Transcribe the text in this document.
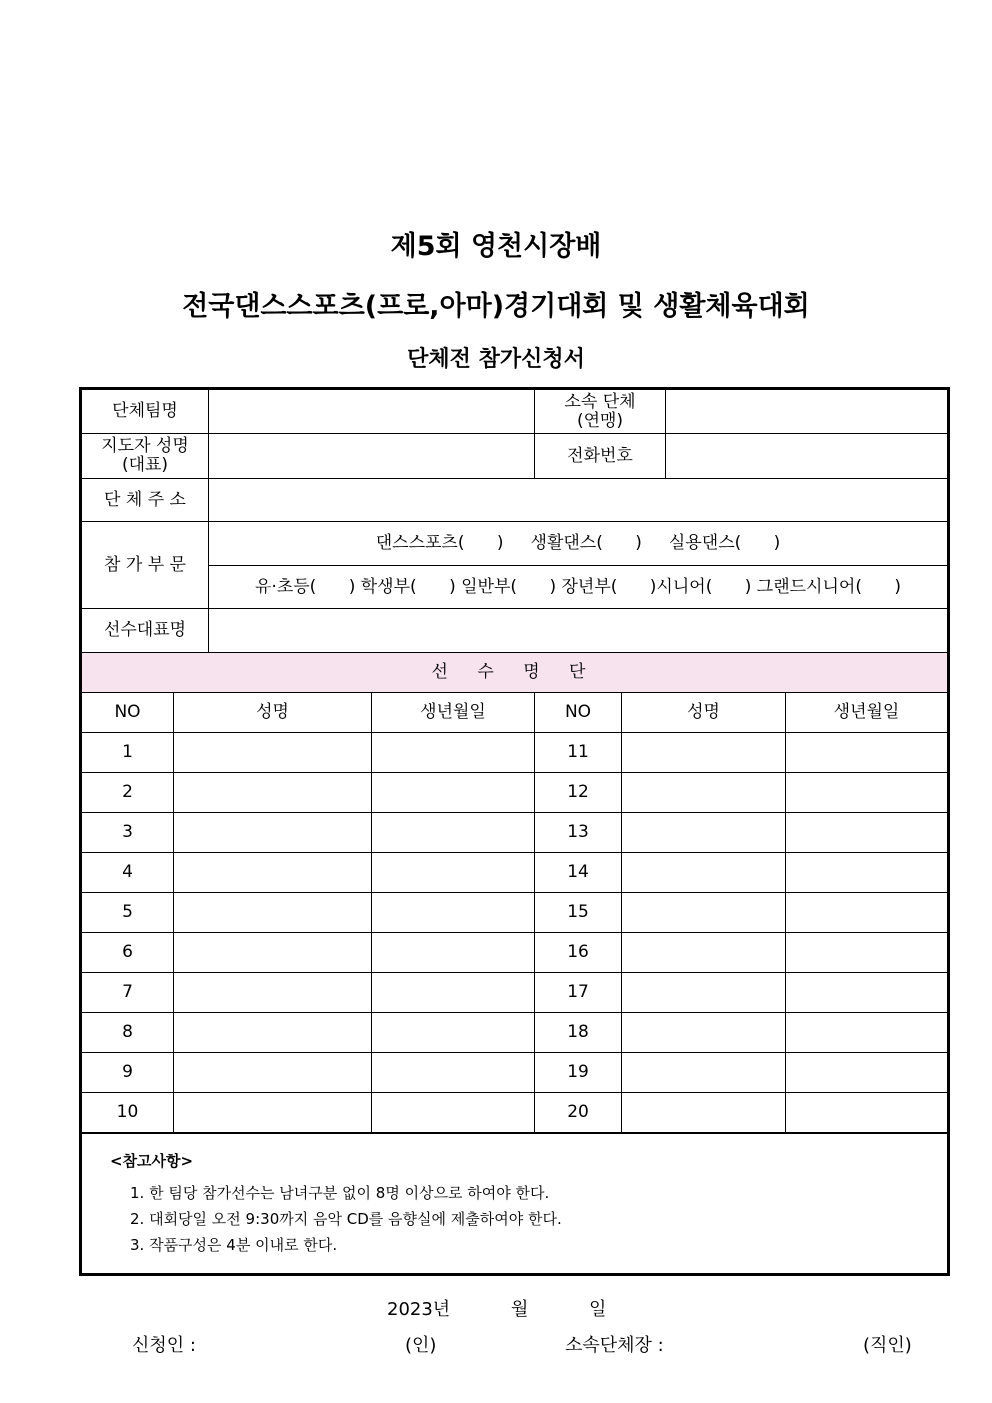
제5회 영천시장배
전국댄스스포츠(프로,아마)경기대회 및 생활체육대회
단체전 참가신청서
단체팀명				소속 단체
(연맹)			

지도자 성명
(대표)				전화번호			
단 체 주 소							
참 가 부 문		댄스스포츠(      )     생활댄스(      )     실용댄스(      )					
		유·초등(      ) 학생부(      ) 일반부(      ) 장년부(      )시니어(      ) 그랜드시니어(      )					
선수대표명							
선 수 명 단							
NO	성명		생년월일	NO	성명		생년월일
1				11			
2				12			
3				13			
4				14			
5				15			
6				16			
7				17			
8				18			
9				19			
10				20			

<참고사항>
1. 한 팀당 참가선수는 남녀구분 없이 8명 이상으로 하여야 한다.
2. 대회당일 오전 9:30까지 음악 CD를 음향실에 제출하여야 한다.
3. 작품구성은 4분 이내로 한다.							
2023년	월	일
신청인 :	(인)	소속단체장 :	(직인)
